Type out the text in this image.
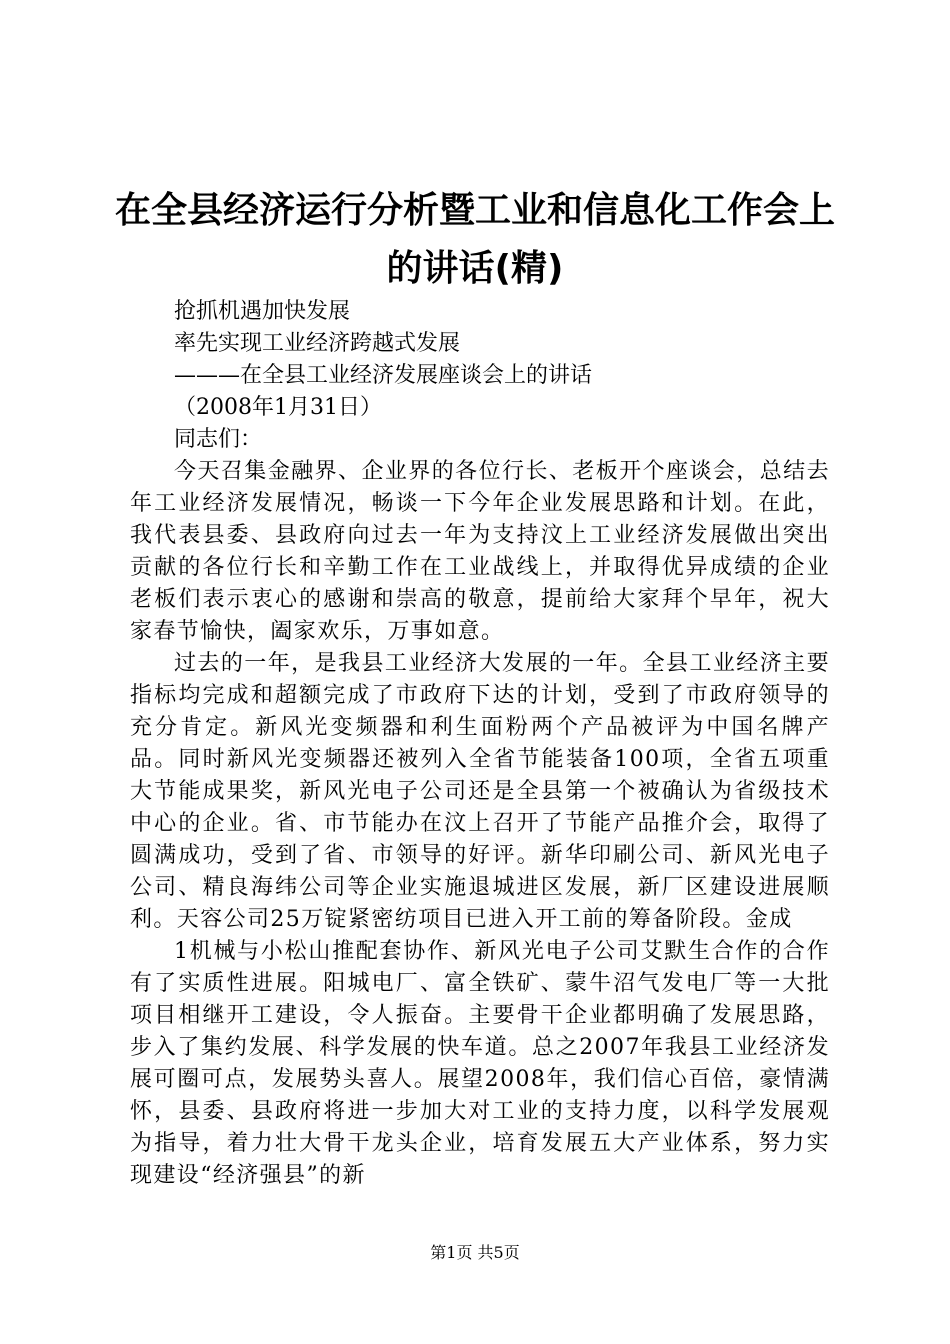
在全县经济运行分析暨工业和信息化工作会上的讲话(精)

抢抓机遇加快发展

率先实现工业经济跨越式发展

———在全县工业经济发展座谈会上的讲话

（2008年1月31日）

同志们：

今天召集金融界、企业界的各位行长、老板开个座谈会，总结去年工业经济发展情况，畅谈一下今年企业发展思路和计划。在此，我代表县委、县政府向过去一年为支持汶上工业经济发展做出突出贡献的各位行长和辛勤工作在工业战线上，并取得优异成绩的企业老板们表示衷心的感谢和崇高的敬意，提前给大家拜个早年，祝大家春节愉快，阖家欢乐，万事如意。

过去的一年，是我县工业经济大发展的一年。全县工业经济主要指标均完成和超额完成了市政府下达的计划，受到了市政府领导的充分肯定。新风光变频器和利生面粉两个产品被评为中国名牌产品。同时新风光变频器还被列入全省节能装备100项，全省五项重大节能成果奖，新风光电子公司还是全县第一个被确认为省级技术中心的企业。省、市节能办在汶上召开了节能产品推介会，取得了圆满成功，受到了省、市领导的好评。新华印刷公司、新风光电子公司、精良海纬公司等企业实施退城进区发展，新厂区建设进展顺利。天容公司25万锭紧密纺项目已进入开工前的筹备阶段。金成

1机械与小松山推配套协作、新风光电子公司艾默生合作的合作有了实质性进展。阳城电厂、富全铁矿、蒙牛沼气发电厂等一大批项目相继开工建设，令人振奋。主要骨干企业都明确了发展思路，步入了集约发展、科学发展的快车道。总之2007年我县工业经济发展可圈可点，发展势头喜人。展望2008年，我们信心百倍，豪情满怀，县委、县政府将进一步加大对工业的支持力度，以科学发展观为指导，着力壮大骨干龙头企业，培育发展五大产业体系，努力实现建设“经济强县”的新

第1页 共5页
